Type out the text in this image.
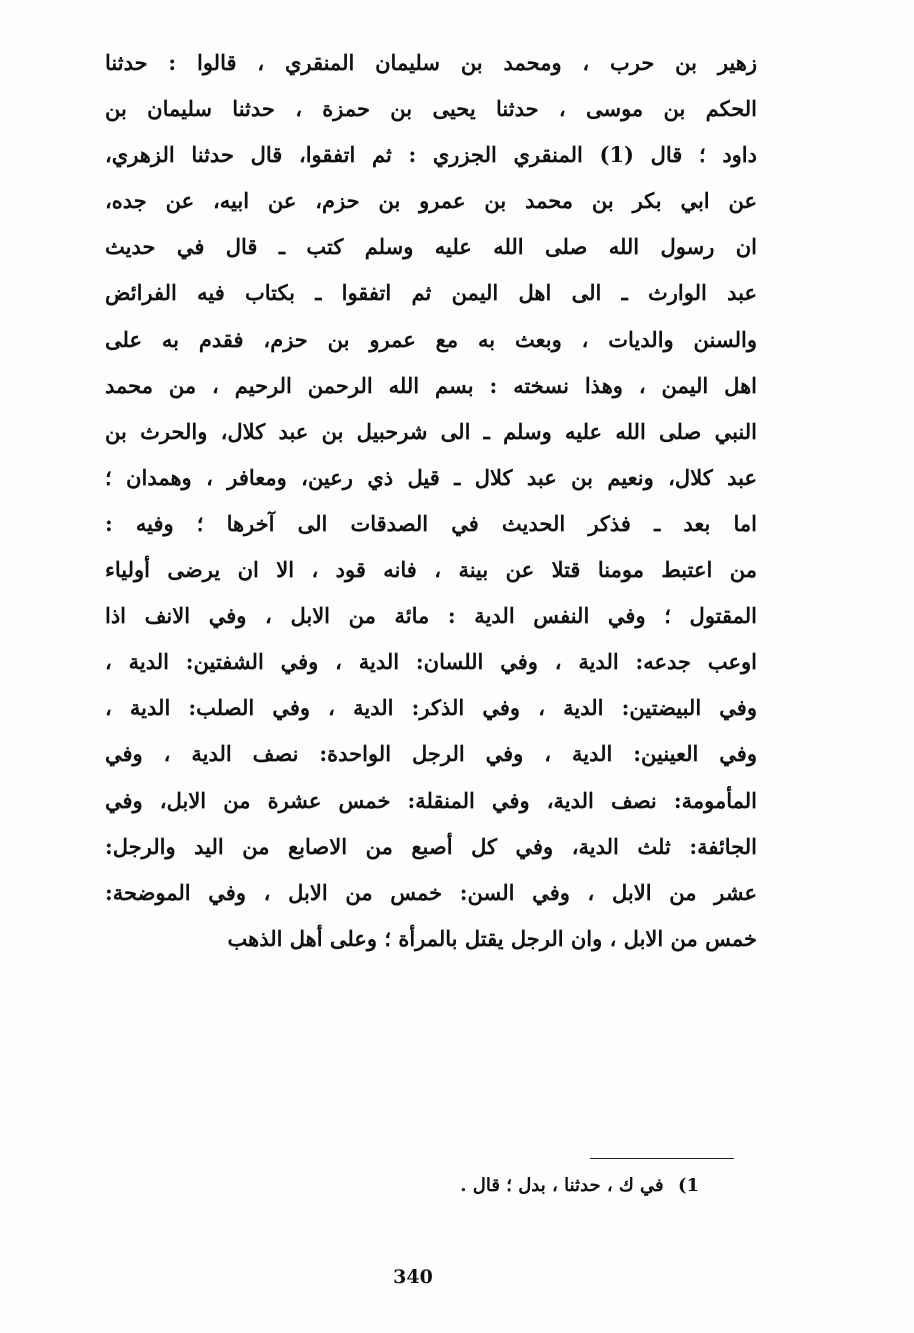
زهير بن حرب ، ومحمد بن سليمان المنقري ، قالوا : حدثنا
الحكم بن موسى ، حدثنا يحيى بن حمزة ، حدثنا سليمان بن
داود ؛ قال (1) المنقري الجزري : ثم اتفقوا، قال حدثنا الزهري،
عن ابي بكر بن محمد بن عمرو بن حزم، عن ابيه، عن جده،
ان رسول الله صلى الله عليه وسلم كتب ـ قال في حديث
عبد الوارث ـ الى اهل اليمن ثم اتفقوا ـ بكتاب فيه الفرائض
والسنن والديات ، وبعث به مع عمرو بن حزم، فقدم به على
اهل اليمن ، وهذا نسخته : بسم الله الرحمن الرحيم ، من محمد
النبي صلى الله عليه وسلم ـ الى شرحبيل بن عبد كلال، والحرث بن
عبد كلال، ونعيم بن عبد كلال ـ قيل ذي رعين، ومعافر ، وهمدان ؛
اما بعد ـ فذكر الحديث في الصدقات الى آخرها ؛ وفيه :
من اعتبط مومنا قتلا عن بينة ، فانه قود ، الا ان يرضى أولياء
المقتول ؛ وفي النفس الدية : مائة من الابل ، وفي الانف اذا
اوعب جدعه: الدية ، وفي اللسان: الدية ، وفي الشفتين: الدية ،
وفي البيضتين: الدية ، وفي الذكر: الدية ، وفي الصلب: الدية ،
وفي العينين: الدية ، وفي الرجل الواحدة: نصف الدية ، وفي
المأمومة: نصف الدية، وفي المنقلة: خمس عشرة من الابل، وفي
الجائفة: ثلث الدية، وفي كل أصبع من الاصابع من اليد والرجل:
عشر من الابل ، وفي السن: خمس من الابل ، وفي الموضحة:
خمس من الابل ، وان الرجل يقتل بالمرأة ؛ وعلى أهل الذهب
1) في ك ، حدثنا ، بدل ؛ قال .
340
